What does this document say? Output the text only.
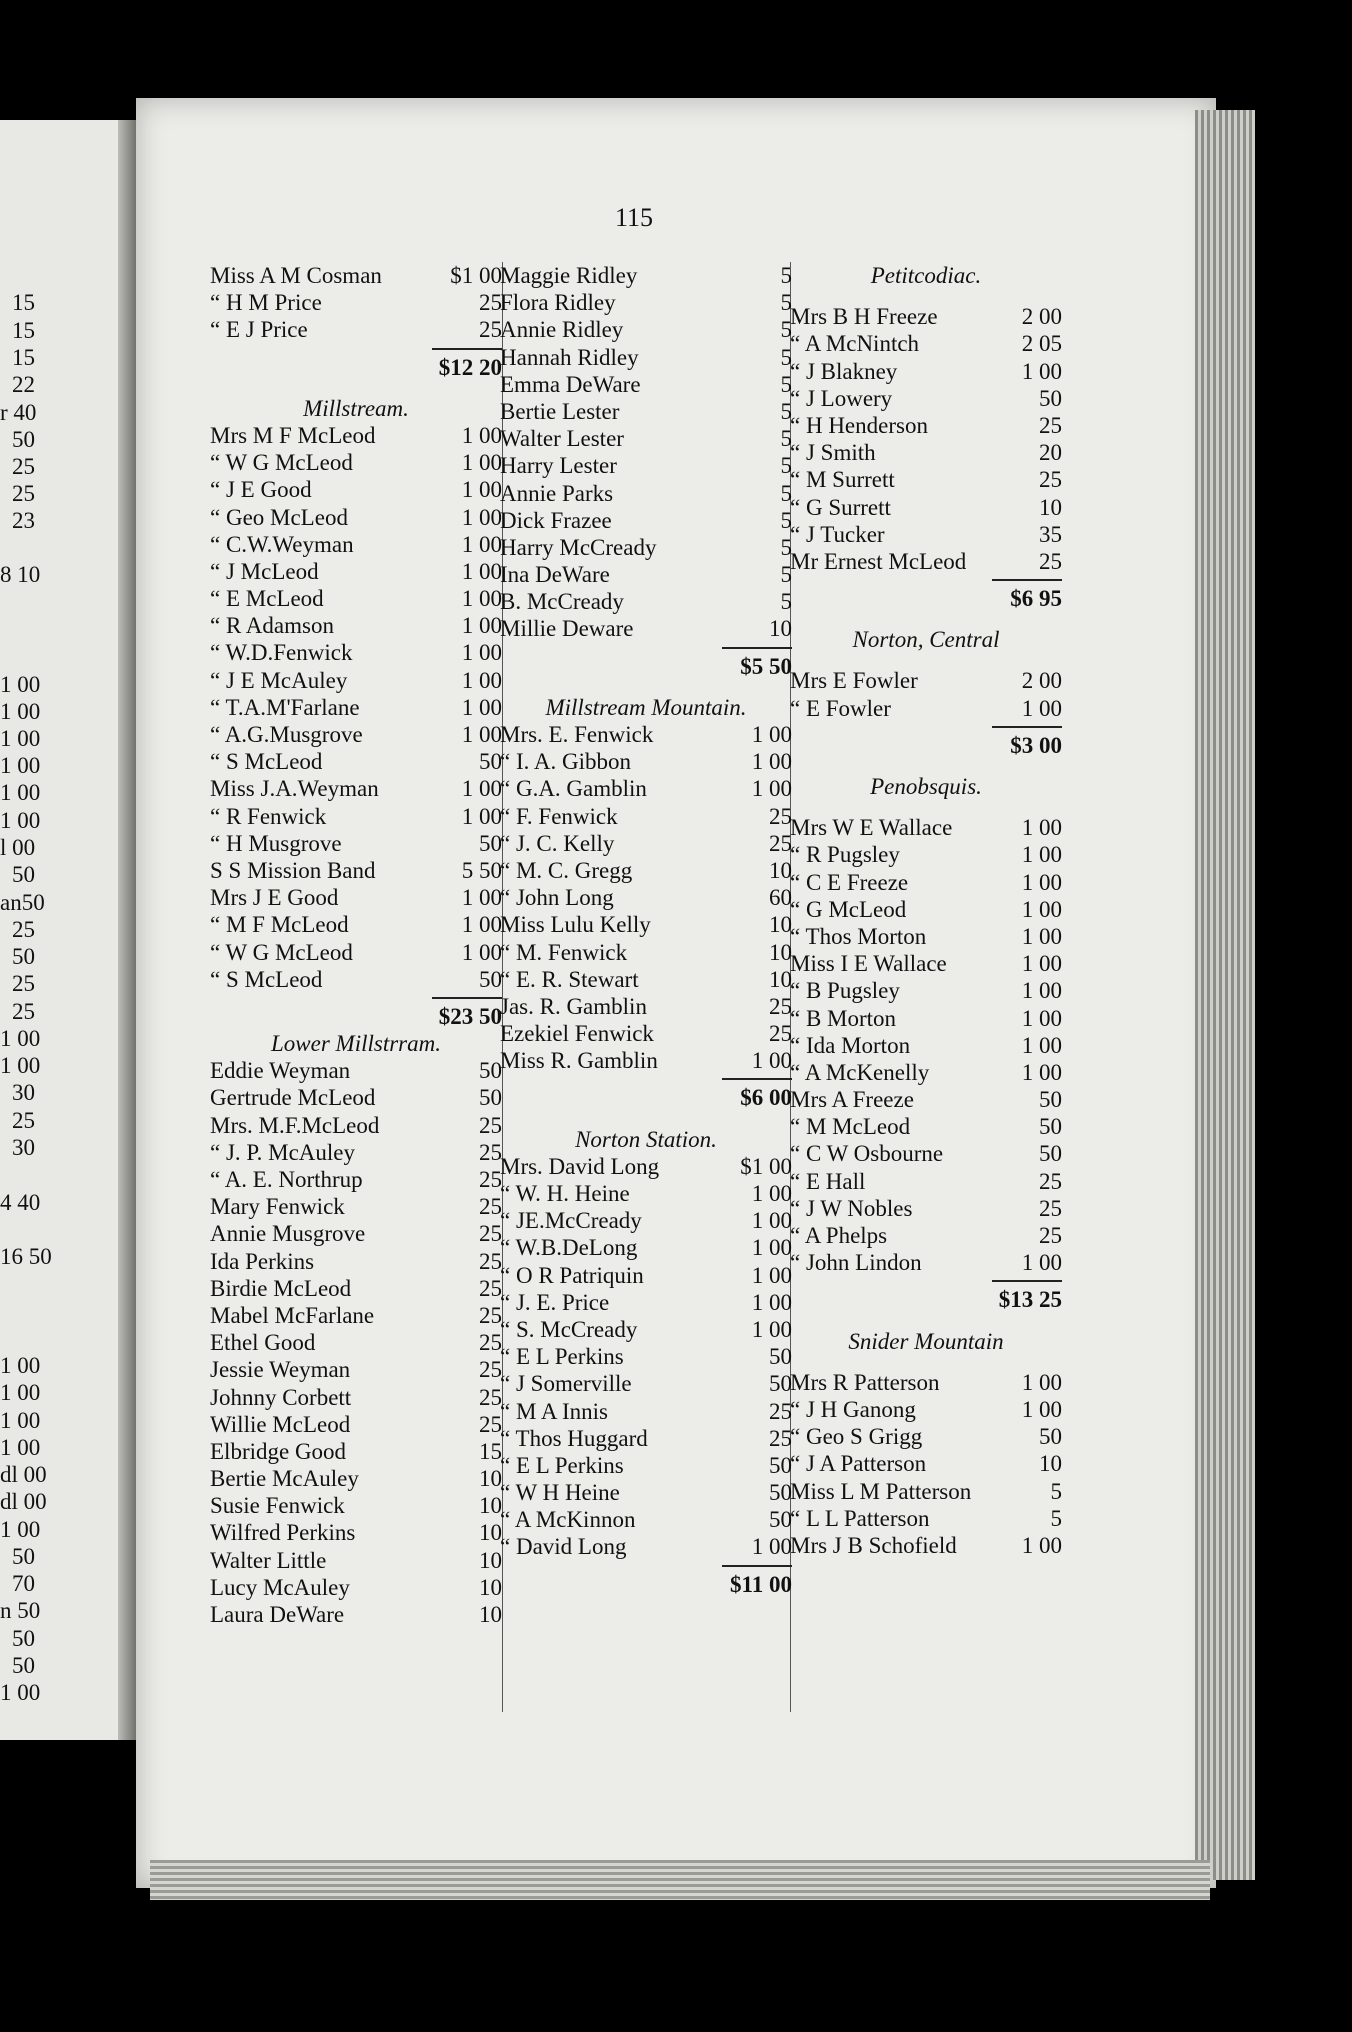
15
15
15
22
r 40
50
25
25
23
8 10
1 00
1 00
1 00
1 00
1 00
1 00
l 00
50
an50
25
50
25
25
1 00
1 00
30
25
30
4 40
16 50
1 00
1 00
1 00
1 00
dl 00
dl 00
1 00
50
70
n 50
50
50
1 00
115
Miss A M Cosman	$1 00
“ H M Price	25
“ E J Price	25
$12 20
Millstream.
Mrs M F McLeod	1 00
“ W G McLeod	1 00
“ J E Good	1 00
“ Geo McLeod	1 00
“ C.W.Weyman	1 00
“ J McLeod	1 00
“ E McLeod	1 00
“ R Adamson	1 00
“ W.D.Fenwick	1 00
“ J E McAuley	1 00
“ T.A.M'Farlane	1 00
“ A.G.Musgrove	1 00
“ S McLeod	50
Miss J.A.Weyman	1 00
“ R Fenwick	1 00
“ H Musgrove	50
S S Mission Band	5 50
Mrs J E Good	1 00
“ M F McLeod	1 00
“ W G McLeod	1 00
“ S McLeod	50
$23 50
Lower Millstrram.
Eddie Weyman	50
Gertrude McLeod	50
Mrs. M.F.McLeod	25
“ J. P. McAuley	25
“ A. E. Northrup	25
Mary Fenwick	25
Annie Musgrove	25
Ida Perkins	25
Birdie McLeod	25
Mabel McFarlane	25
Ethel Good	25
Jessie Weyman	25
Johnny Corbett	25
Willie McLeod	25
Elbridge Good	15
Bertie McAuley	10
Susie Fenwick	10
Wilfred Perkins	10
Walter Little	10
Lucy McAuley	10
Laura DeWare	10
Maggie Ridley	5
Flora Ridley	5
Annie Ridley	5
Hannah Ridley	5
Emma DeWare	5
Bertie Lester	5
Walter Lester	5
Harry Lester	5
Annie Parks	5
Dick Frazee	5
Harry McCready	5
Ina DeWare	5
B. McCready	5
Millie Deware	10
$5 50
Millstream Mountain.
Mrs. E. Fenwick	1 00
“ I. A. Gibbon	1 00
“ G.A. Gamblin	1 00
“ F. Fenwick	25
“ J. C. Kelly	25
“ M. C. Gregg	10
“ John Long	60
Miss Lulu Kelly	10
“ M. Fenwick	10
“ E. R. Stewart	10
Jas. R. Gamblin	25
Ezekiel Fenwick	25
Miss R. Gamblin	1 00
$6 00
Norton Station.
Mrs. David Long	$1 00
“ W. H. Heine	1 00
“ JE.McCready	1 00
“ W.B.DeLong	1 00
“ O R Patriquin	1 00
“ J. E. Price	1 00
“ S. McCready	1 00
“ E L Perkins	50
“ J Somerville	50
“ M A Innis	25
“ Thos Huggard	25
“ E L Perkins	50
“ W H Heine	50
“ A McKinnon	50
“ David Long	1 00
$11 00
Petitcodiac.
Mrs B H Freeze	2 00
“ A McNintch	2 05
“ J Blakney	1 00
“ J Lowery	50
“ H Henderson	25
“ J Smith	20
“ M Surrett	25
“ G Surrett	10
“ J Tucker	35
Mr Ernest McLeod	25
$6 95
Norton, Central
Mrs E Fowler	2 00
“ E Fowler	1 00
$3 00
Penobsquis.
Mrs W E Wallace	1 00
“ R Pugsley	1 00
“ C E Freeze	1 00
“ G McLeod	1 00
“ Thos Morton	1 00
Miss I E Wallace	1 00
“ B Pugsley	1 00
“ B Morton	1 00
“ Ida Morton	1 00
“ A McKenelly	1 00
Mrs A Freeze	50
“ M McLeod	50
“ C W Osbourne	50
“ E Hall	25
“ J W Nobles	25
“ A Phelps	25
“ John Lindon	1 00
$13 25
Snider Mountain
Mrs R Patterson	1 00
“ J H Ganong	1 00
“ Geo S Grigg	50
“ J A Patterson	10
Miss L M Patterson	5
“ L L Patterson	5
Mrs J B Schofield	1 00
